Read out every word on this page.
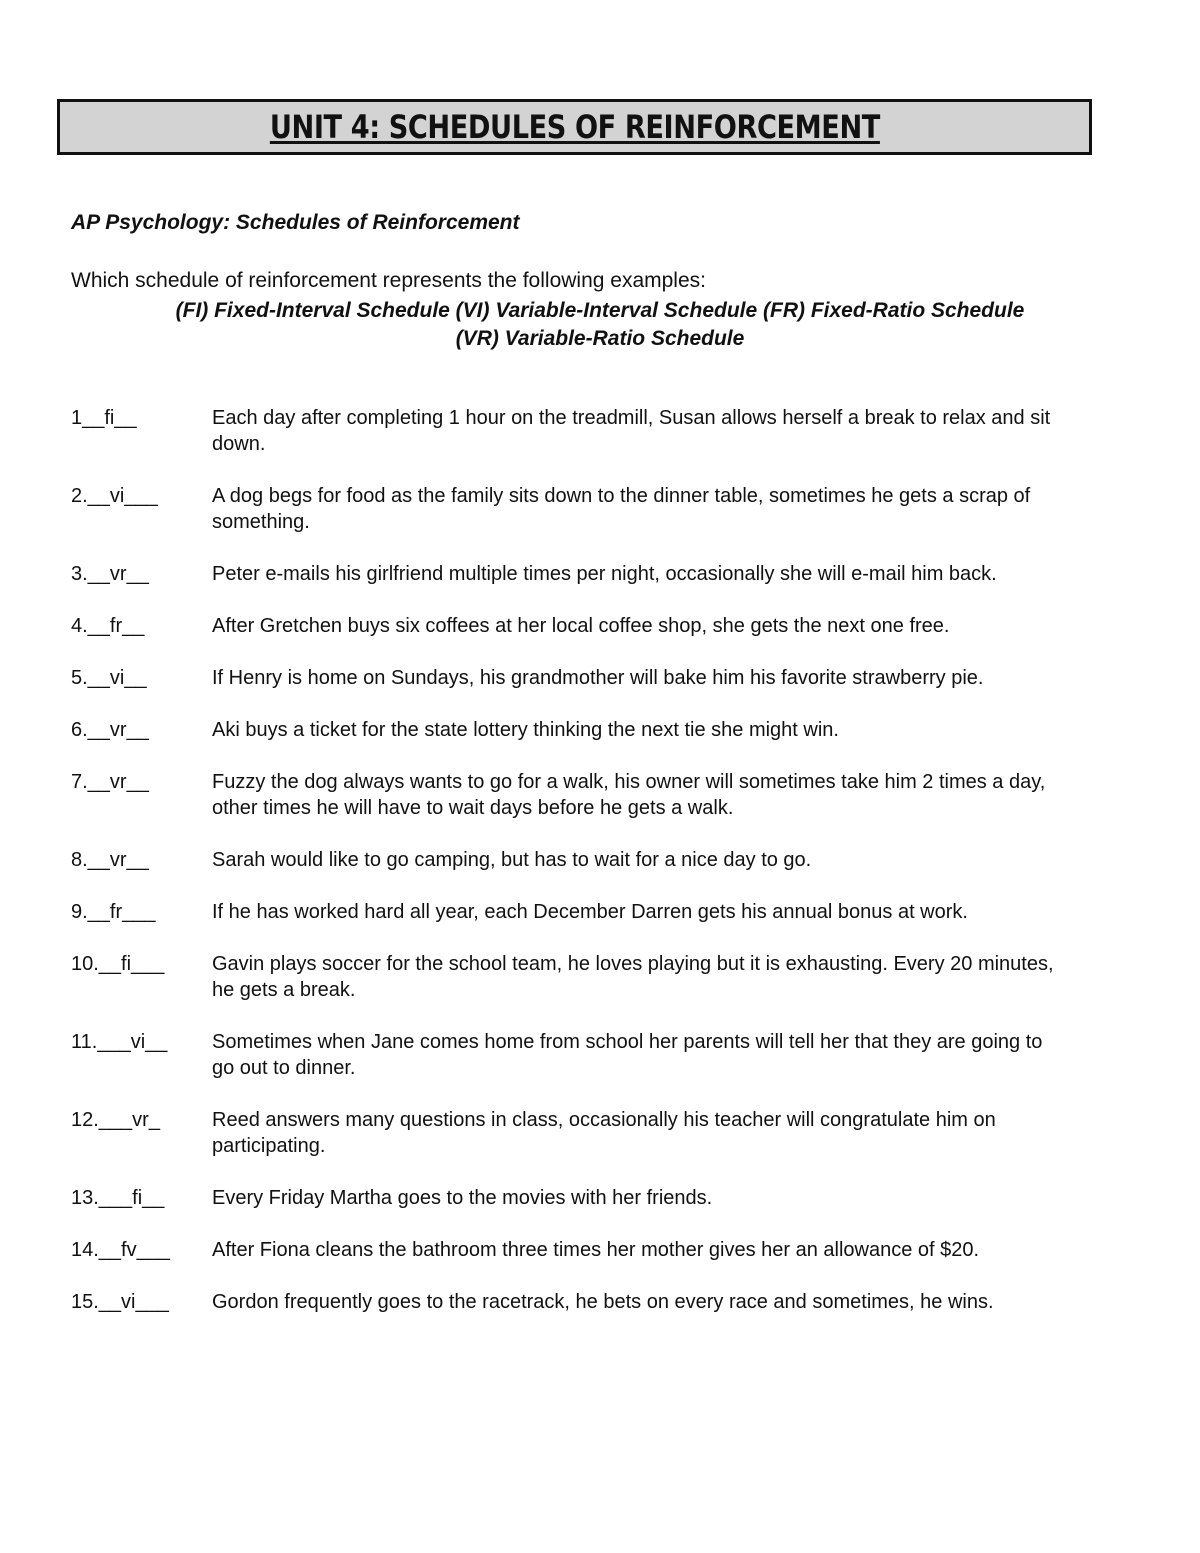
UNIT 4: SCHEDULES OF REINFORCEMENT
AP Psychology: Schedules of Reinforcement
Which schedule of reinforcement represents the following examples:
(FI) Fixed-Interval Schedule (VI) Variable-Interval Schedule (FR) Fixed-Ratio Schedule
(VR) Variable-Ratio Schedule
1__fi__	Each day after completing 1 hour on the treadmill, Susan allows herself a break to relax and sit down.
2.__vi___	A dog begs for food as the family sits down to the dinner table, sometimes he gets a scrap of something.
3.__vr__	Peter e-mails his girlfriend multiple times per night, occasionally she will e-mail him back.
4.__fr__	After Gretchen buys six coffees at her local coffee shop, she gets the next one free.
5.__vi__	If Henry is home on Sundays, his grandmother will bake him his favorite strawberry pie.
6.__vr__	Aki buys a ticket for the state lottery thinking the next tie she might win.
7.__vr__	Fuzzy the dog always wants to go for a walk, his owner will sometimes take him 2 times a day, other times he will have to wait days before he gets a walk.
8.__vr__	Sarah would like to go camping, but has to wait for a nice day to go.
9.__fr___	If he has worked hard all year, each December Darren gets his annual bonus at work.
10.__fi___	Gavin plays soccer for the school team, he loves playing but it is exhausting. Every 20 minutes, he gets a break.
11.___vi__	Sometimes when Jane comes home from school her parents will tell her that they are going to go out to dinner.
12.___vr_	Reed answers many questions in class, occasionally his teacher will congratulate him on participating.
13.___fi__	Every Friday Martha goes to the movies with her friends.
14.__fv___	After Fiona cleans the bathroom three times her mother gives her an allowance of $20.
15.__vi___	Gordon frequently goes to the racetrack, he bets on every race and sometimes, he wins.
